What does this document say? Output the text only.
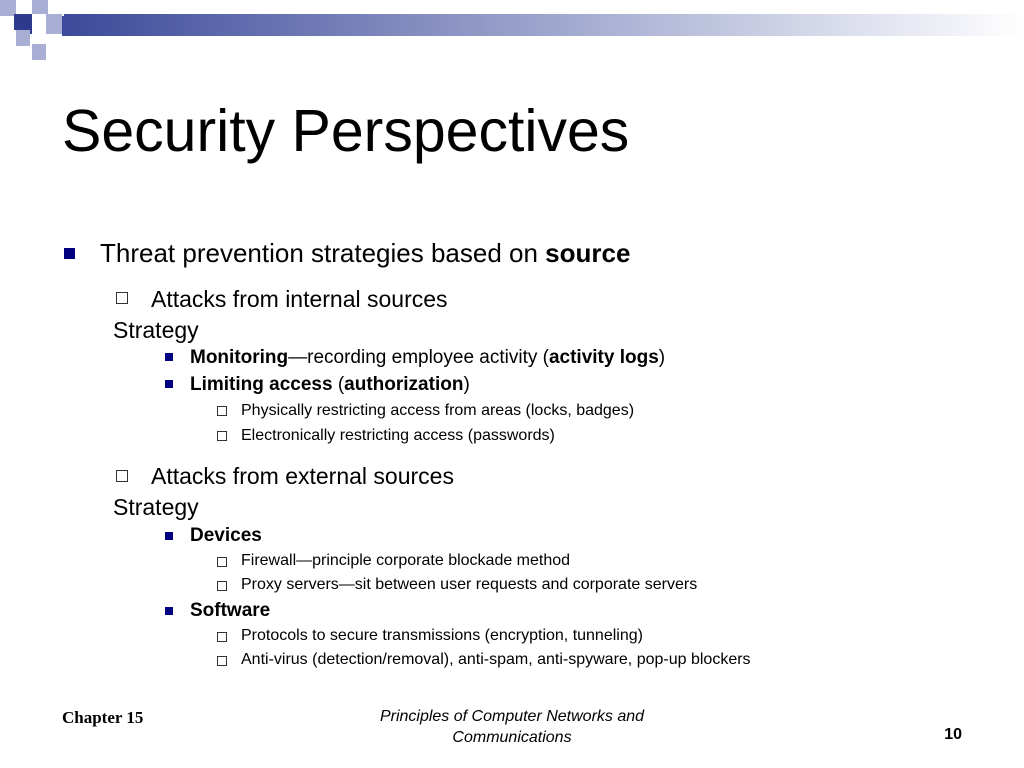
Security Perspectives
Threat prevention strategies based on source
Attacks from internal sources
Strategy
Monitoring—recording employee activity (activity logs)
Limiting access (authorization)
Physically restricting access from areas (locks, badges)
Electronically restricting access (passwords)
Attacks from external sources
Strategy
Devices
Firewall—principle corporate blockade method
Proxy servers—sit between user requests and corporate servers
Software
Protocols to secure transmissions (encryption, tunneling)
Anti-virus (detection/removal), anti-spam, anti-spyware, pop-up blockers
Chapter 15	Principles of Computer Networks and
Communications	10
